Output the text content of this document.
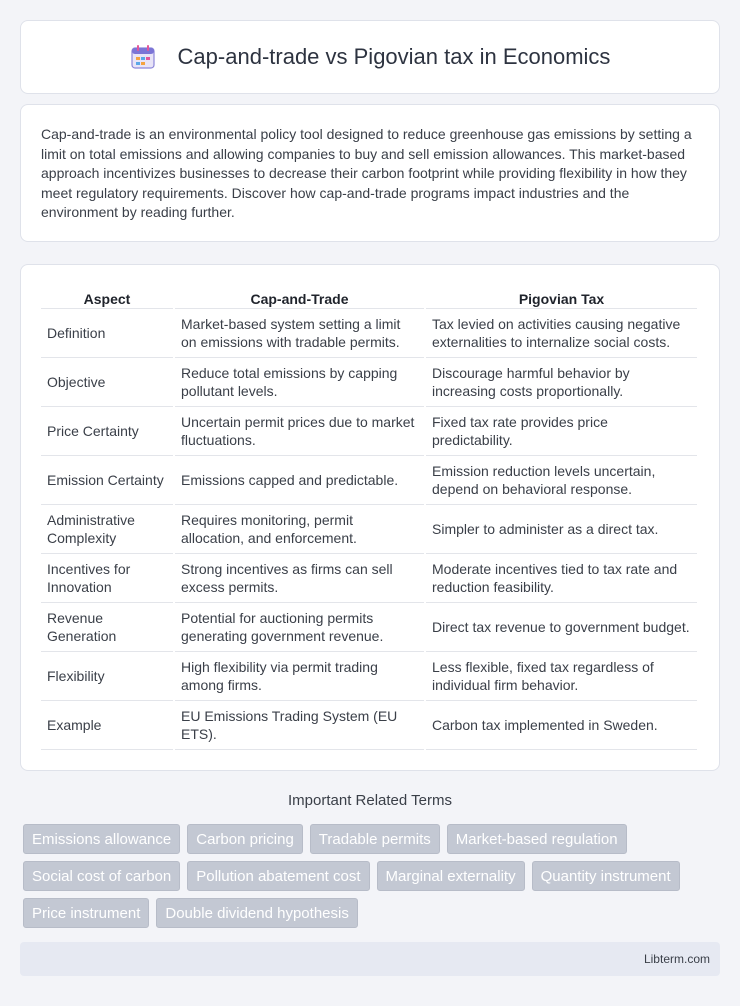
Cap-and-trade vs Pigovian tax in Economics

Cap-and-trade is an environmental policy tool designed to reduce greenhouse gas emissions by setting a limit on total emissions and allowing companies to buy and sell emission allowances. This market-based approach incentivizes businesses to decrease their carbon footprint while providing flexibility in how they meet regulatory requirements. Discover how cap-and-trade programs impact industries and the environment by reading further.

Aspect	Cap-and-Trade	Pigovian Tax
Definition	Market-based system setting a limit on emissions with tradable permits.	Tax levied on activities causing negative externalities to internalize social costs.
Objective	Reduce total emissions by capping pollutant levels.	Discourage harmful behavior by increasing costs proportionally.
Price Certainty	Uncertain permit prices due to market fluctuations.	Fixed tax rate provides price predictability.
Emission Certainty	Emissions capped and predictable.	Emission reduction levels uncertain, depend on behavioral response.
Administrative Complexity	Requires monitoring, permit allocation, and enforcement.	Simpler to administer as a direct tax.
Incentives for Innovation	Strong incentives as firms can sell excess permits.	Moderate incentives tied to tax rate and reduction feasibility.
Revenue Generation	Potential for auctioning permits generating government revenue.	Direct tax revenue to government budget.
Flexibility	High flexibility via permit trading among firms.	Less flexible, fixed tax regardless of individual firm behavior.
Example	EU Emissions Trading System (EU ETS).	Carbon tax implemented in Sweden.
Important Related Terms
Emissions allowance	Carbon pricing	Tradable permits	Market-based regulation
Social cost of carbon	Pollution abatement cost	Marginal externality	Quantity instrument
Price instrument	Double dividend hypothesis
Libterm.com
